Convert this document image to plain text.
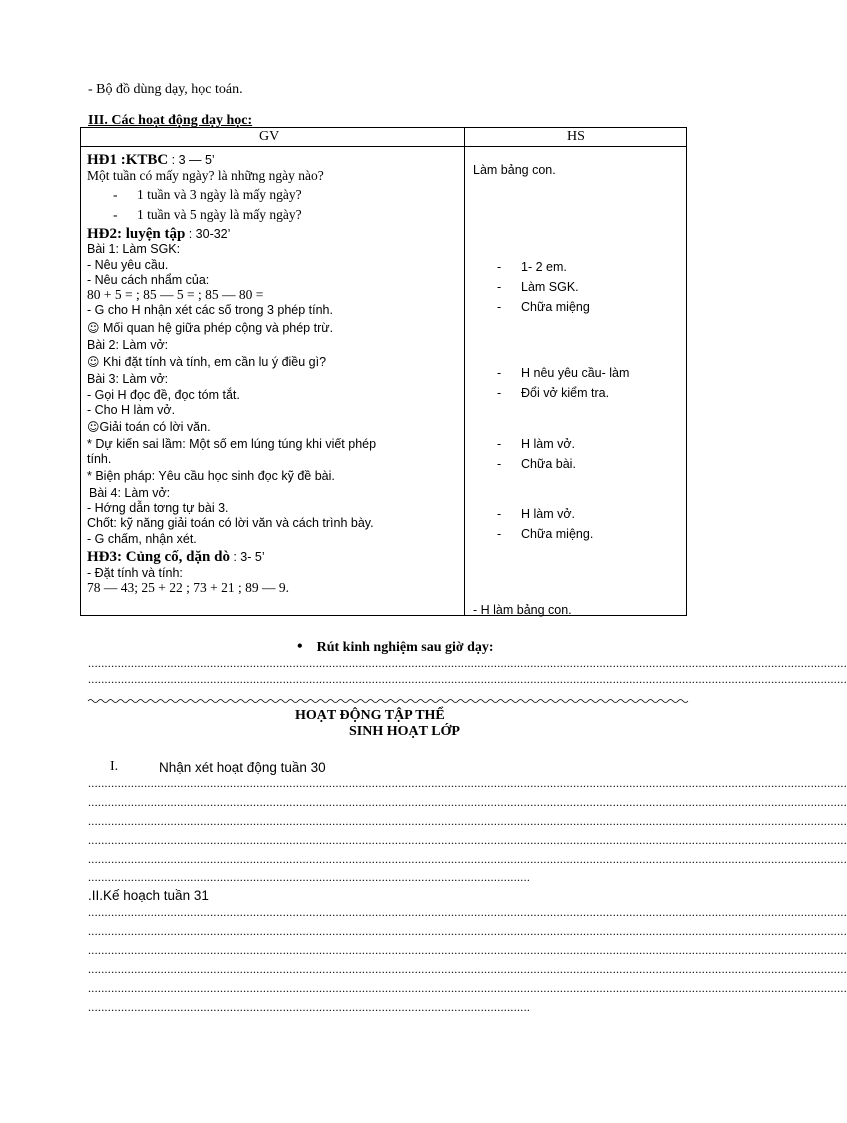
- Bộ đồ dùng dạy, học toán.
III. Các hoạt động dạy học:
GV	HS
HĐ1 :KTBC : 3 — 5’
Một tuần có mấy ngày? là những ngày nào?
- 1 tuần và 3 ngày là mấy ngày?
- 1 tuần và 5 ngày là mấy ngày?
HĐ2: luyện tập : 30-32’
Bài 1: Làm SGK:
- Nêu yêu cầu.
- Nêu cách nhẩm của:
80 + 5 = ; 85 — 5 = ; 85 — 80 =
- G cho H nhận xét các số trong 3 phép tính.
☺ Mối quan hệ giữa phép cộng và phép trừ.
Bài 2: Làm vở:
☺ Khi đặt tính và tính, em cần lu ý điều gì?
Bài 3: Làm vở:
- Gọi H đọc đề, đọc tóm tắt.
- Cho H làm vở.
☺Giải toán có lời văn.
* Dự kiến sai lầm: Một số em lúng túng khi viết phép
tính.
* Biện pháp: Yêu cầu học sinh đọc kỹ đề bài.
Bài 4: Làm vở:
- Hớng dẫn tơng tự bài 3.
Chốt: kỹ năng giải toán có lời văn và cách trình bày.
- G chấm, nhận xét.
HĐ3: Củng cố, dặn dò : 3- 5’
- Đặt tính và tính:
78 — 43; 25 + 22 ; 73 + 21 ; 89 — 9.
Làm bảng con.
- 1- 2 em.
- Làm SGK.
- Chữa miệng
- H nêu yêu cầu- làm
- Đổi vở kiểm tra.
- H làm vở.
- Chữa bài.
- H làm vở.
- Chữa miệng.
- H làm bảng con.
• Rút kinh nghiệm sau giờ dạy:
......................................................................................................................................................................................................................................
......................................................................................................................................................................................................................................
HOẠT ĐỘNG TẬP THỂ
SINH HOẠT LỚP
I.	Nhận xét hoạt động tuần 30
......................................................................................................................................................................................................................................
......................................................................................................................................................................................................................................
......................................................................................................................................................................................................................................
......................................................................................................................................................................................................................................
......................................................................................................................................................................................................................................
......................................................................................................................................
.II.Kế hoạch tuần 31
......................................................................................................................................................................................................................................
......................................................................................................................................................................................................................................
......................................................................................................................................................................................................................................
......................................................................................................................................................................................................................................
......................................................................................................................................................................................................................................
......................................................................................................................................
